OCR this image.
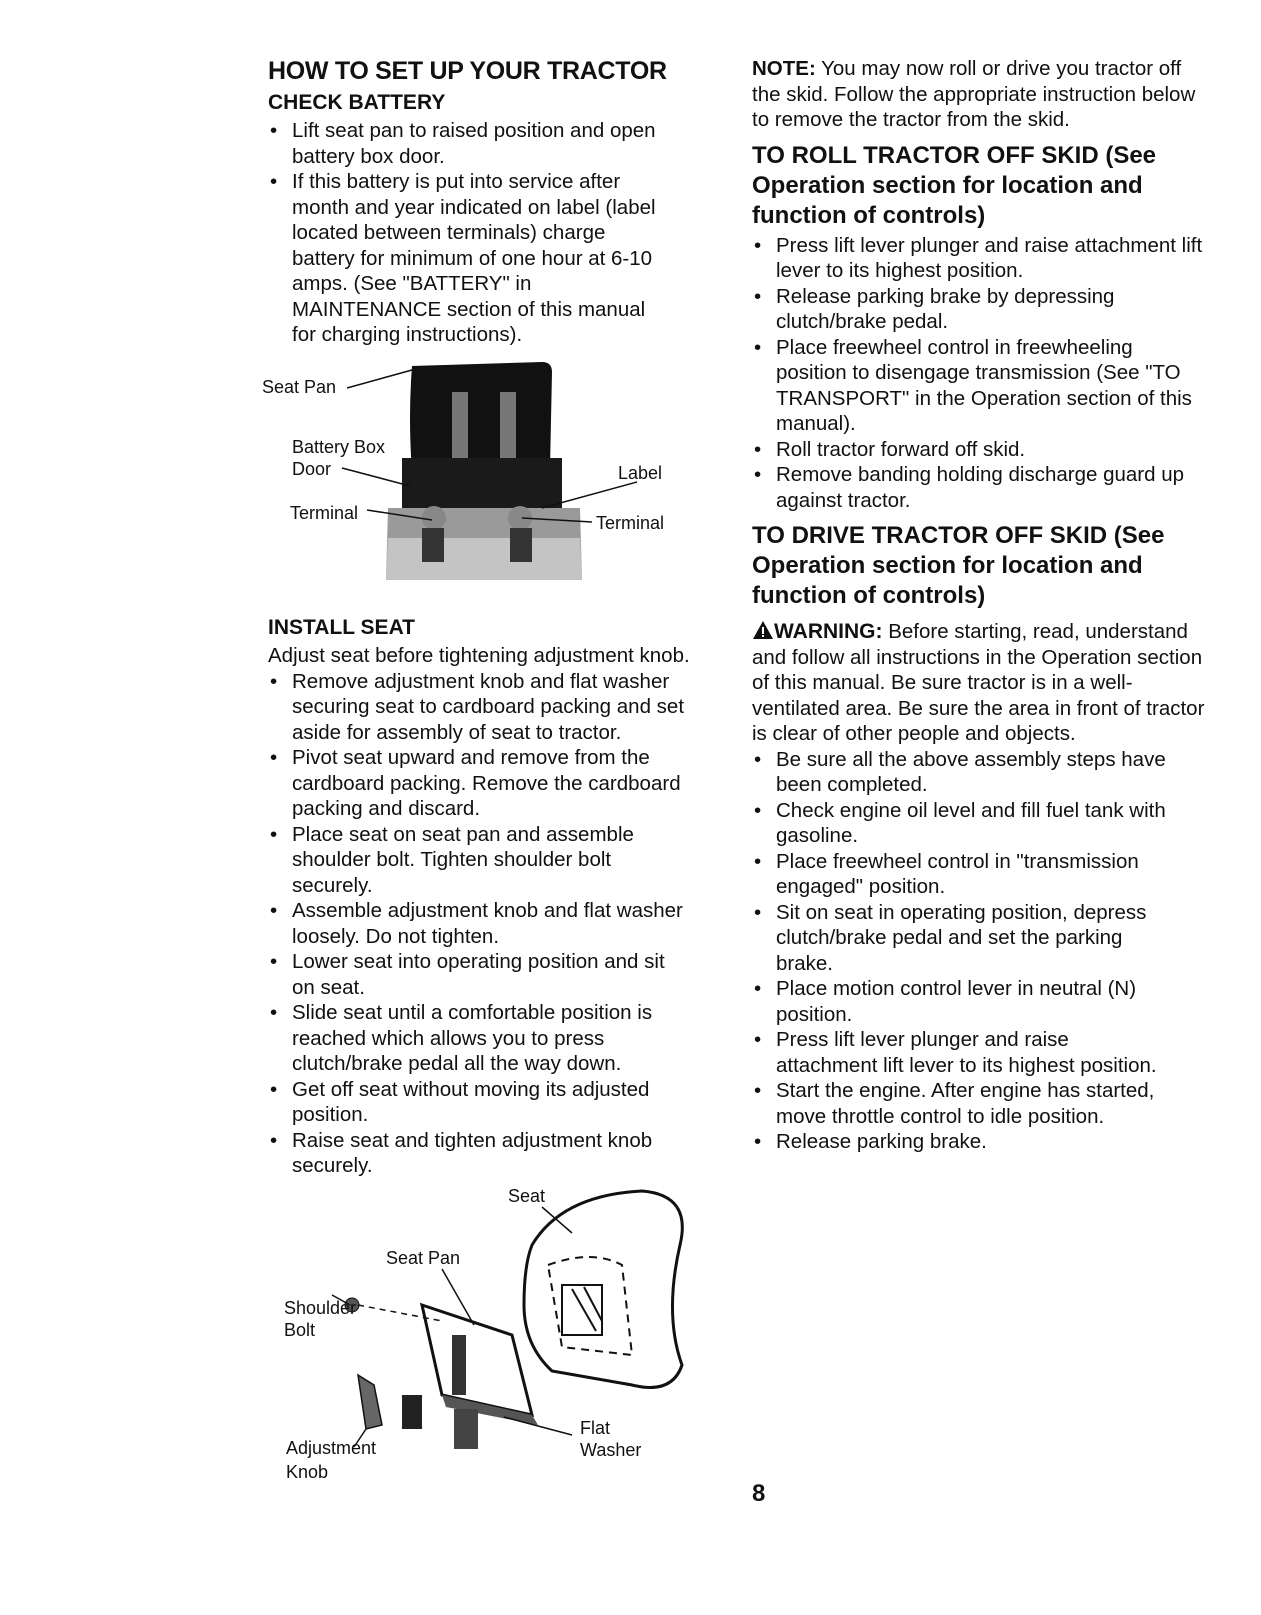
HOW TO SET UP YOUR TRACTOR
CHECK BATTERY
• Lift seat pan to raised position and open battery box door.
• If this battery is put into service after month and year indicated on label (label located between terminals) charge battery for minimum of one hour at 6-10 amps. (See "BATTERY" in MAINTENANCE section of this manual for charging instructions).
Seat Pan
Battery Box
Door	Label
Terminal	Terminal
INSTALL SEAT

Adjust seat before tightening adjustment knob.

• Remove adjustment knob and flat washer securing seat to cardboard packing and set aside for assembly of seat to tractor.
• Pivot seat upward and remove from the cardboard packing. Remove the cardboard packing and discard.
• Place seat on seat pan and assemble shoulder bolt. Tighten shoulder bolt securely.
• Assemble adjustment knob and flat washer loosely. Do not tighten.
• Lower seat into operating position and sit on seat.
• Slide seat until a comfortable position is reached which allows you to press clutch/brake pedal all the way down.
• Get off seat without moving its adjusted position.
• Raise seat and tighten adjustment knob securely.
Seat
Seat Pan
Shoulder
Bolt
Flat
Washer
Adjustment
Knob

NOTE: You may now roll or drive you tractor off the skid. Follow the appropriate instruction below to remove the tractor from the skid.

TO ROLL TRACTOR OFF SKID (See Operation section for location and function of controls)
• Press lift lever plunger and raise attachment lift lever to its highest position.
• Release parking brake by depressing clutch/brake pedal.
• Place freewheel control in freewheeling position to disengage transmission (See "TO TRANSPORT" in the Operation section of this manual).
• Roll tractor forward off skid.
• Remove banding holding discharge guard up against tractor.
TO DRIVE TRACTOR OFF SKID (See Operation section for location and function of controls)

WARNING: Before starting, read, understand and follow all instructions in the Operation section of this manual. Be sure tractor is in a well-ventilated area. Be sure the area in front of tractor is clear of other people and objects.

• Be sure all the above assembly steps have been completed.
• Check engine oil level and fill fuel tank with gasoline.
• Place freewheel control in "transmission engaged" position.
• Sit on seat in operating position, depress clutch/brake pedal and set the parking brake.
• Place motion control lever in neutral (N) position.
• Press lift lever plunger and raise attachment lift lever to its highest position.
• Start the engine. After engine has started, move throttle control to idle position.
• Release parking brake.
8
